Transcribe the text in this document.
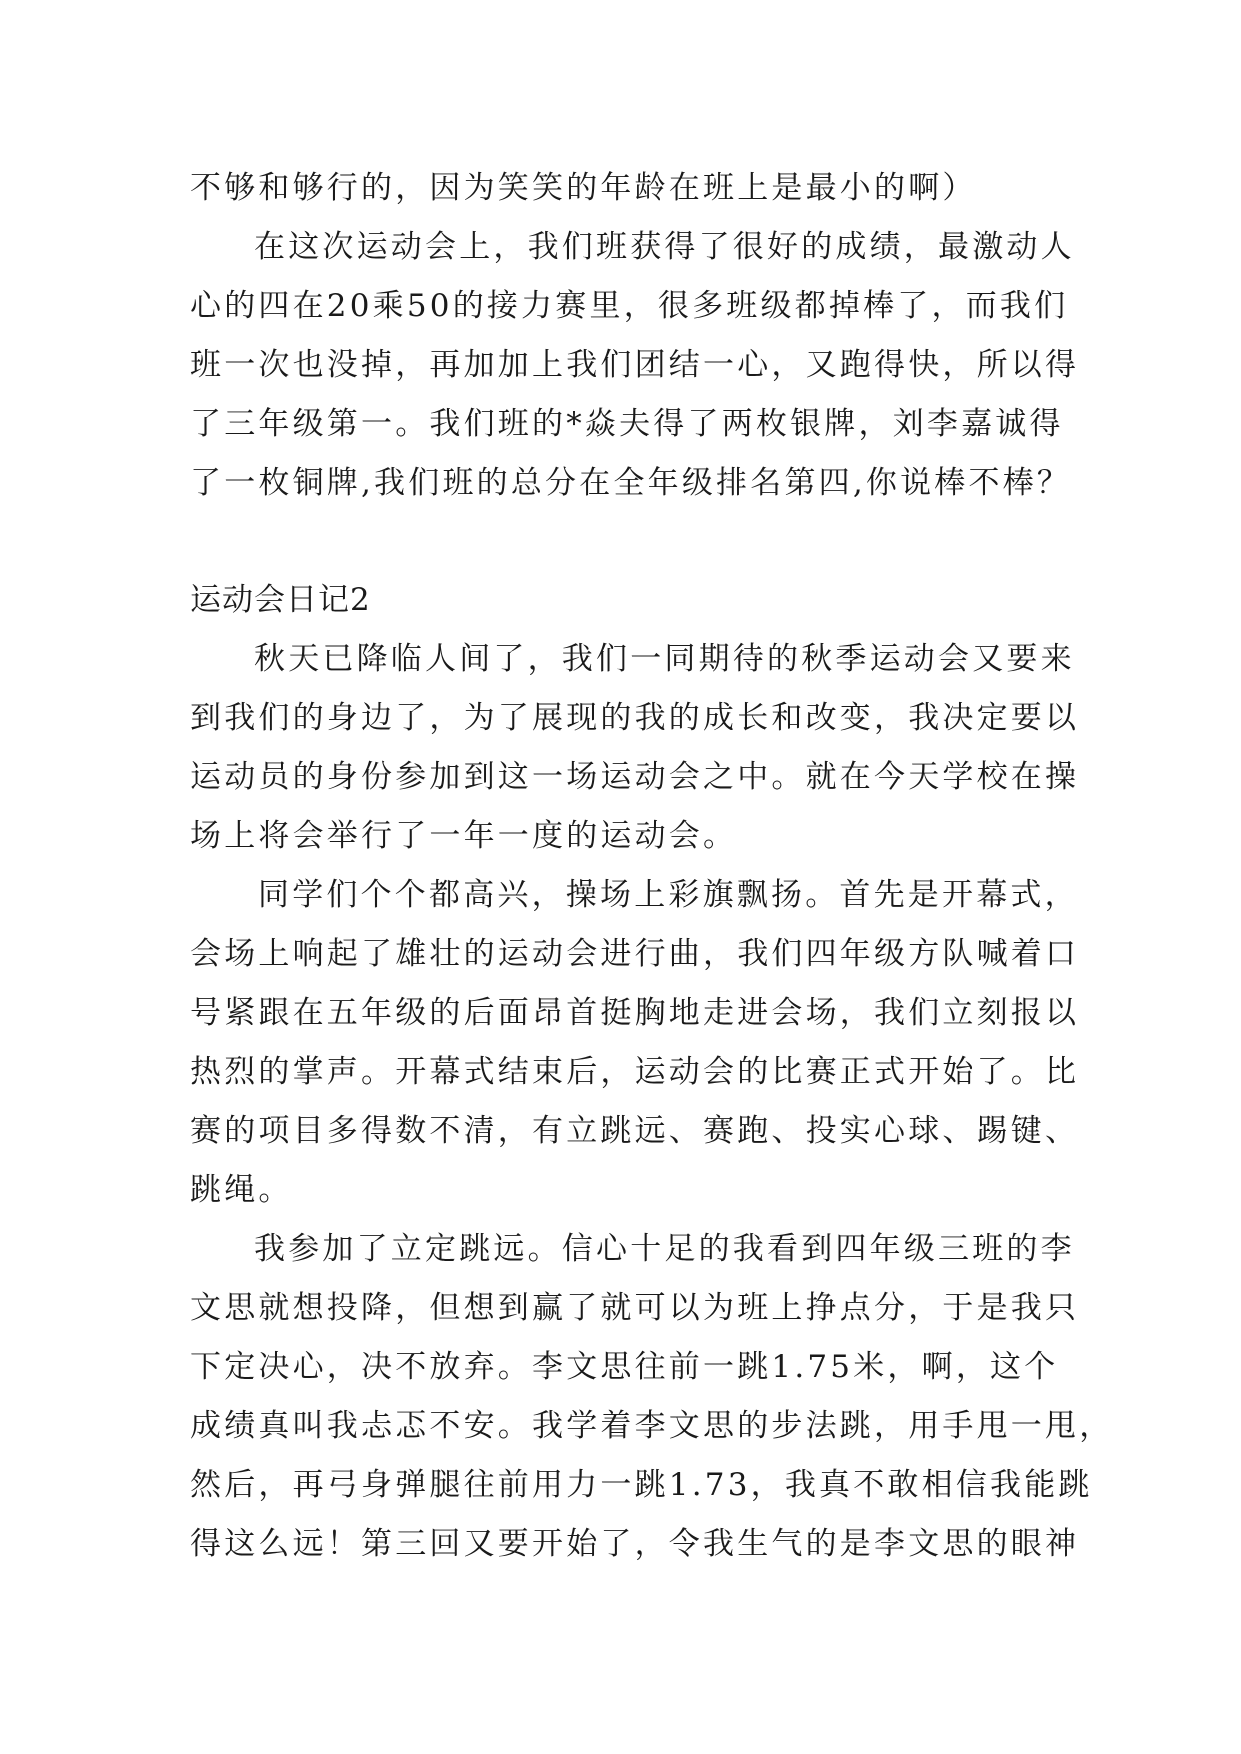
不够和够行的，因为笑笑的年龄在班上是最小的啊）
在这次运动会上，我们班获得了很好的成绩，最激动人
心的四在20乘50的接力赛里，很多班级都掉棒了，而我们
班一次也没掉，再加加上我们团结一心，又跑得快，所以得
了三年级第一。我们班的*焱夫得了两枚银牌，刘李嘉诚得
了一枚铜牌,我们班的总分在全年级排名第四,你说棒不棒？
运动会日记2
秋天已降临人间了，我们一同期待的秋季运动会又要来
到我们的身边了，为了展现的我的成长和改变，我决定要以
运动员的身份参加到这一场运动会之中。就在今天学校在操
场上将会举行了一年一度的运动会。
同学们个个都高兴，操场上彩旗飘扬。首先是开幕式，
会场上响起了雄壮的运动会进行曲，我们四年级方队喊着口
号紧跟在五年级的后面昂首挺胸地走进会场，我们立刻报以
热烈的掌声。开幕式结束后，运动会的比赛正式开始了。比
赛的项目多得数不清，有立跳远、赛跑、投实心球、踢键、
跳绳。
我参加了立定跳远。信心十足的我看到四年级三班的李
文思就想投降，但想到赢了就可以为班上挣点分，于是我只
下定决心，决不放弃。李文思往前一跳1.75米，啊，这个
成绩真叫我忐忑不安。我学着李文思的步法跳，用手甩一甩，
然后，再弓身弹腿往前用力一跳1.73，我真不敢相信我能跳
得这么远！第三回又要开始了，令我生气的是李文思的眼神
